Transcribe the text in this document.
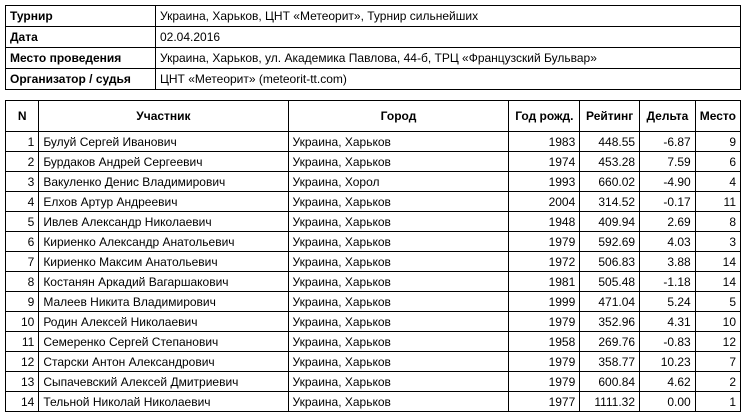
Турнир	Украина, Харьков, ЦНТ «Метеорит», Турнир сильнейших
Дата	02.04.2016
Место проведения	Украина, Харьков, ул. Академика Павлова, 44-б, ТРЦ «Французский Бульвар»
Организатор / судья	ЦНТ «Метеорит» (meteorit-tt.com)
N	Участник	Город	Год рожд.	Рейтинг	Дельта	Место
1	Булуй Сергей Иванович	Украина, Харьков	1983	448.55	-6.87	9
2	Бурдаков Андрей Сергеевич	Украина, Харьков	1974	453.28	7.59	6
3	Вакуленко Денис Владимирович	Украина, Хорол	1993	660.02	-4.90	4
4	Елхов Артур Андреевич	Украина, Харьков	2004	314.52	-0.17	11
5	Ивлев Александр Николаевич	Украина, Харьков	1948	409.94	2.69	8
6	Кириенко Александр Анатольевич	Украина, Харьков	1979	592.69	4.03	3
7	Кириенко Максим Анатольевич	Украина, Харьков	1972	506.83	3.88	14
8	Костанян Аркадий Вагаршакович	Украина, Харьков	1981	505.48	-1.18	14
9	Малеев Никита Владимирович	Украина, Харьков	1999	471.04	5.24	5
10	Родин Алексей Николаевич	Украина, Харьков	1979	352.96	4.31	10
11	Семеренко Сергей Степанович	Украина, Харьков	1958	269.76	-0.83	12
12	Старски Антон Александрович	Украина, Харьков	1979	358.77	10.23	7
13	Сыпачевский Алексей Дмитриевич	Украина, Харьков	1979	600.84	4.62	2
14	Тельной Николай Николаевич	Украина, Харьков	1977	1111.32	0.00	1
